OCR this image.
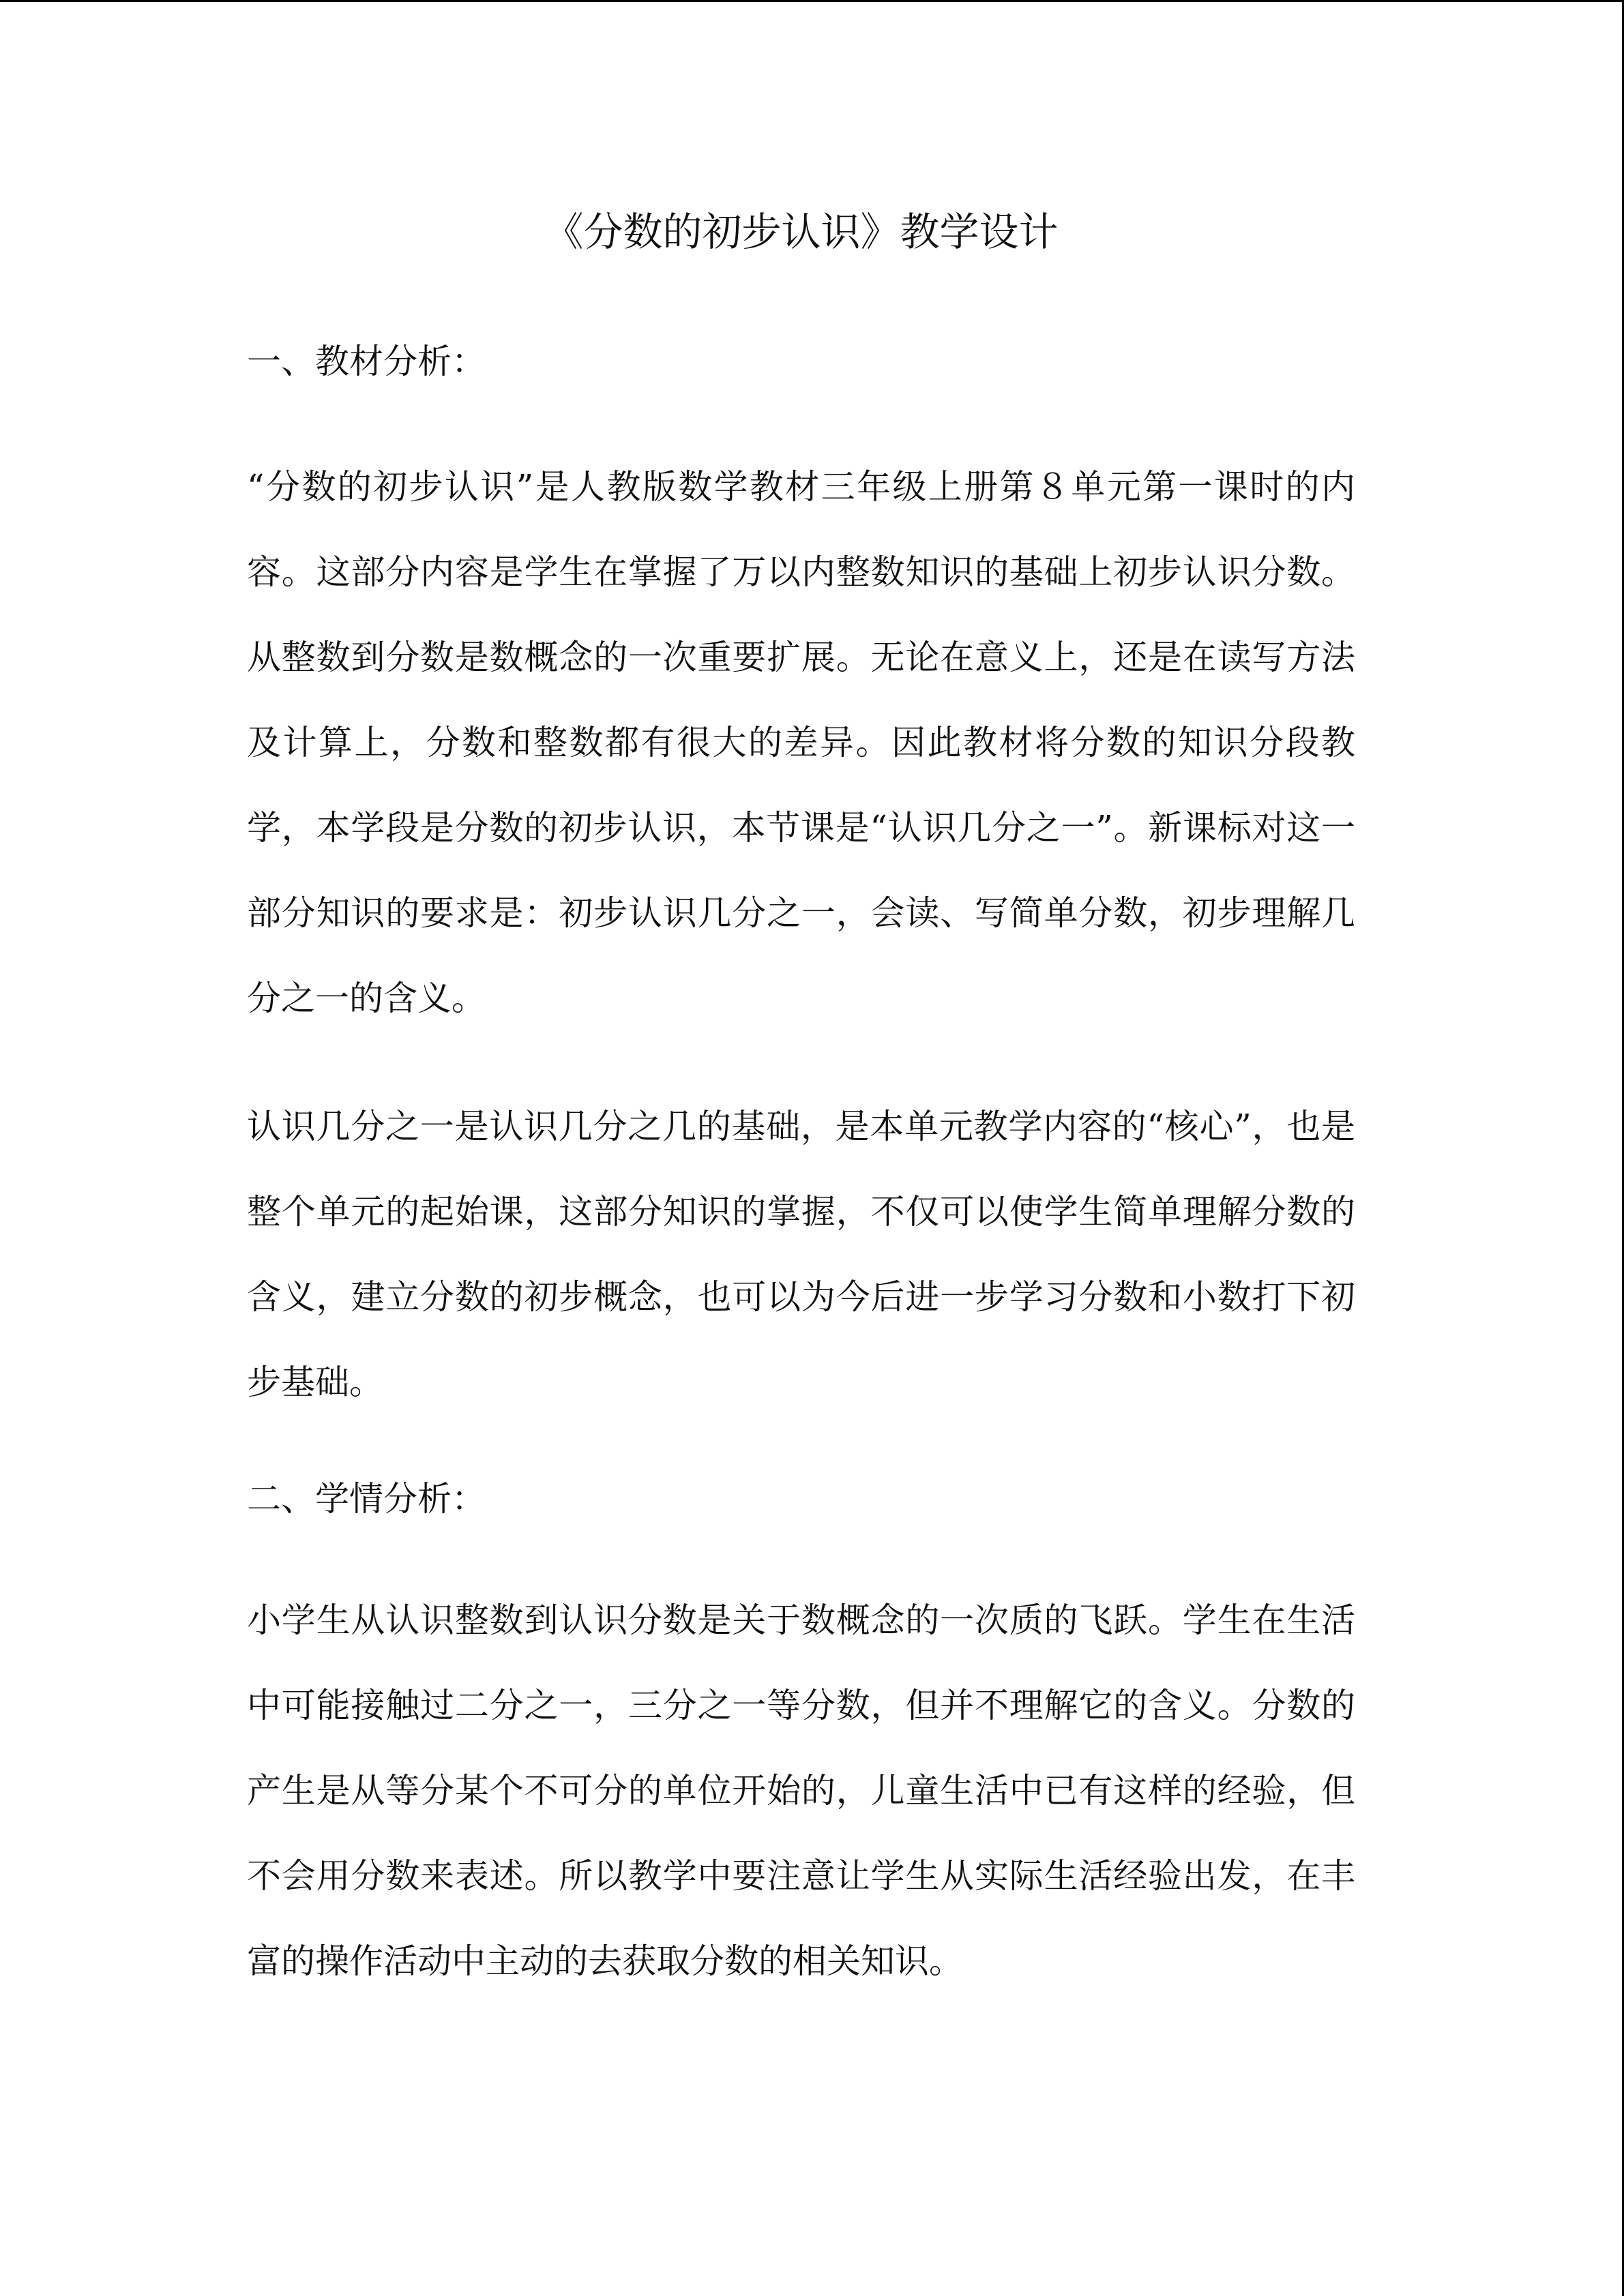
《分数的初步认识》教学设计
一、教材分析：

“分数的初步认识”是人教版数学教材三年级上册第８单元第一课时的内容。这部分内容是学生在掌握了万以内整数知识的基础上初步认识分数。从整数到分数是数概念的一次重要扩展。无论在意义上，还是在读写方法及计算上，分数和整数都有很大的差异。因此教材将分数的知识分段教学，本学段是分数的初步认识，本节课是“认识几分之一”。新课标对这一部分知识的要求是：初步认识几分之一，会读、写简单分数，初步理解几分之一的含义。

认识几分之一是认识几分之几的基础，是本单元教学内容的“核心”，也是整个单元的起始课，这部分知识的掌握，不仅可以使学生简单理解分数的含义，建立分数的初步概念，也可以为今后进一步学习分数和小数打下初步基础。

二、学情分析：

小学生从认识整数到认识分数是关于数概念的一次质的飞跃。学生在生活中可能接触过二分之一，三分之一等分数，但并不理解它的含义。分数的产生是从等分某个不可分的单位开始的，儿童生活中已有这样的经验，但不会用分数来表述。所以教学中要注意让学生从实际生活经验出发，在丰富的操作活动中主动的去获取分数的相关知识。
